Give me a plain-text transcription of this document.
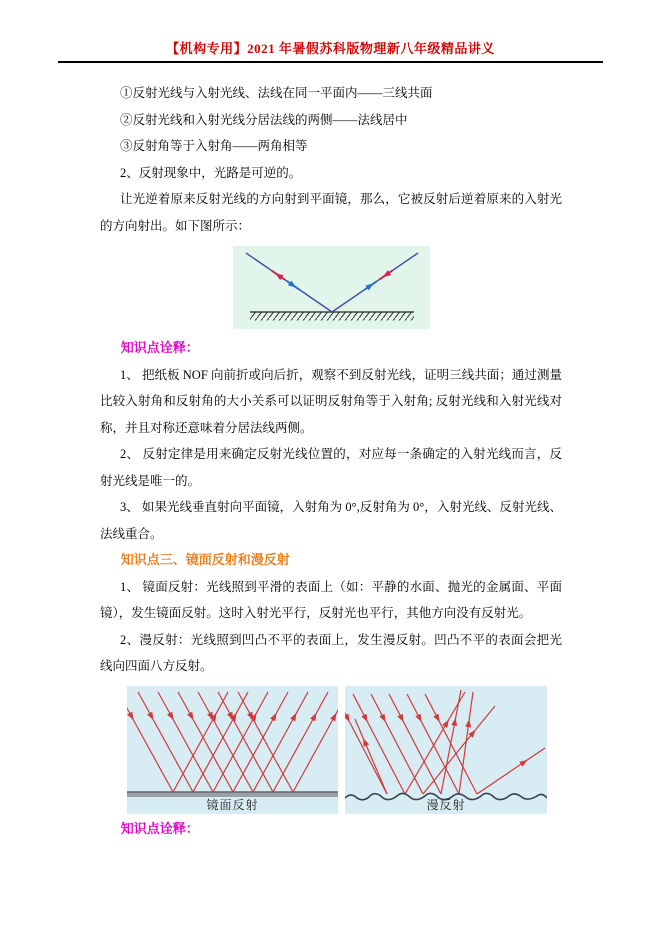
【机构专用】2021 年暑假苏科版物理新八年级精品讲义

①反射光线与入射光线、法线在同一平面内——三线共面

②反射光线和入射光线分居法线的两侧——法线居中

③反射角等于入射角——两角相等

2、反射现象中，光路是可逆的。

让光逆着原来反射光线的方向射到平面镜，那么，它被反射后逆着原来的入射光的方向射出。如下图所示：

知识点诠释：

1、 把纸板 NOF 向前折或向后折，观察不到反射光线，证明三线共面；通过测量比较入射角和反射角的大小关系可以证明反射角等于入射角; 反射光线和入射光线对称，并且对称还意味着分居法线两侧。

2、 反射定律是用来确定反射光线位置的，对应每一条确定的入射光线而言，反射光线是唯一的。

3、 如果光线垂直射向平面镜，入射角为 0°,反射角为 0°，入射光线、反射光线、法线重合。

知识点三、镜面反射和漫反射

1、 镜面反射：光线照到平滑的表面上（如：平静的水面、抛光的金属面、平面镜），发生镜面反射。这时入射光平行，反射光也平行，其他方向没有反射光。

2、漫反射：光线照到凹凸不平的表面上，发生漫反射。凹凸不平的表面会把光线向四面八方反射。

镜面反射	漫反射

知识点诠释：
